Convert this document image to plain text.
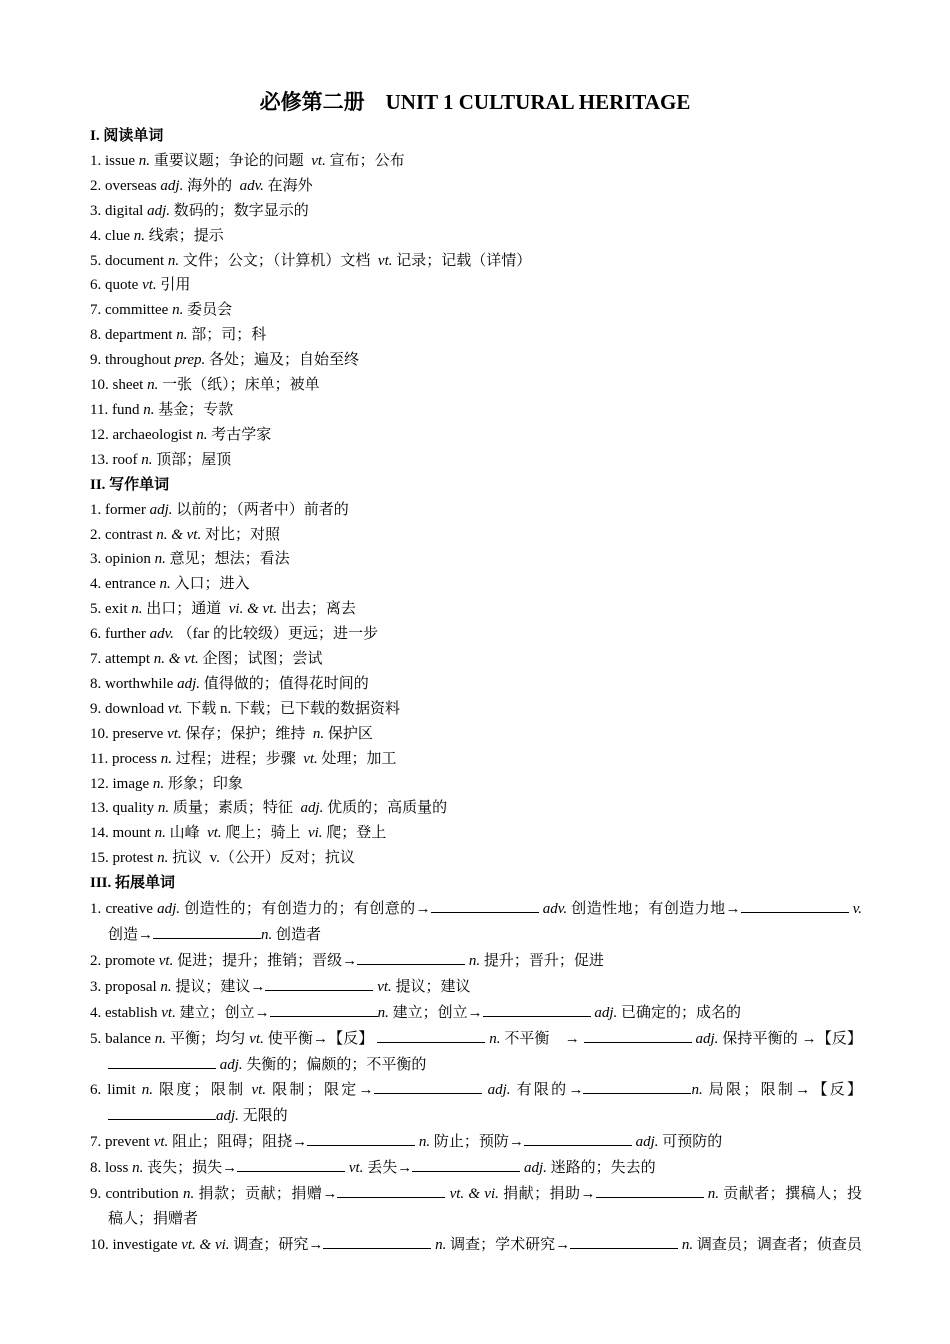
必修第二册　UNIT 1 CULTURAL HERITAGE
I. 阅读单词
1. issue n. 重要议题；争论的问题 vt. 宣布；公布
2. overseas adj. 海外的 adv. 在海外
3. digital adj. 数码的；数字显示的
4. clue n. 线索；提示
5. document n. 文件；公文；（计算机）文档 vt. 记录；记载（详情）
6. quote vt. 引用
7. committee n. 委员会
8. department n. 部；司；科
9. throughout prep. 各处；遍及；自始至终
10. sheet n. 一张（纸）；床单；被单
11. fund n. 基金；专款
12. archaeologist n. 考古学家
13. roof n. 顶部；屋顶
II. 写作单词
1. former adj. 以前的；（两者中）前者的
2. contrast n. & vt. 对比；对照
3. opinion n. 意见；想法；看法
4. entrance n. 入口；进入
5. exit n. 出口；通道 vi. & vt. 出去；离去
6. further adv. （far 的比较级）更远；进一步
7. attempt n. & vt. 企图；试图；尝试
8. worthwhile adj. 值得做的；值得花时间的
9. download vt. 下载 n. 下载；已下载的数据资料
10. preserve vt. 保存；保护；维持 n. 保护区
11. process n. 过程；进程；步骤 vt. 处理；加工
12. image n. 形象；印象
13. quality n. 质量；素质；特征 adj. 优质的；高质量的
14. mount n. 山峰 vt. 爬上；骑上 vi. 爬；登上
15. protest n. 抗议 v.（公开）反对；抗议
III. 拓展单词
1. creative adj. 创造性的；有创造力的；有创意的→	adv. 创造性地；有创造力地→	v. 创造→	n. 创造者
2. promote vt. 促进；提升；推销；晋级→	n. 提升；晋升；促进
3. proposal n. 提议；建议→	vt. 提议；建议
4. establish vt. 建立；创立→	n. 建立；创立→	adj. 已确定的；成名的
5. balance n. 平衡；均匀 vt. 使平衡→【反】	n. 不平衡　→	adj. 保持平衡的 →【反】 adj. 失衡的；偏颇的；不平衡的
6. limit n. 限度；限制 vt. 限制；限定→	adj. 有限的→	n. 局限；限制→【反】 adj. 无限的
7. prevent vt. 阻止；阻碍；阻挠→	n. 防止；预防→	adj. 可预防的
8. loss n. 丧失；损失→	vt. 丢失→	adj. 迷路的；失去的
9. contribution n. 捐款；贡献；捐赠→	vt. & vi. 捐献；捐助→	n. 贡献者；撰稿人；投稿人；捐赠者
10. investigate vt. & vi. 调查；研究→	n. 调查；学术研究→	n. 调查员；调查者；侦查员
